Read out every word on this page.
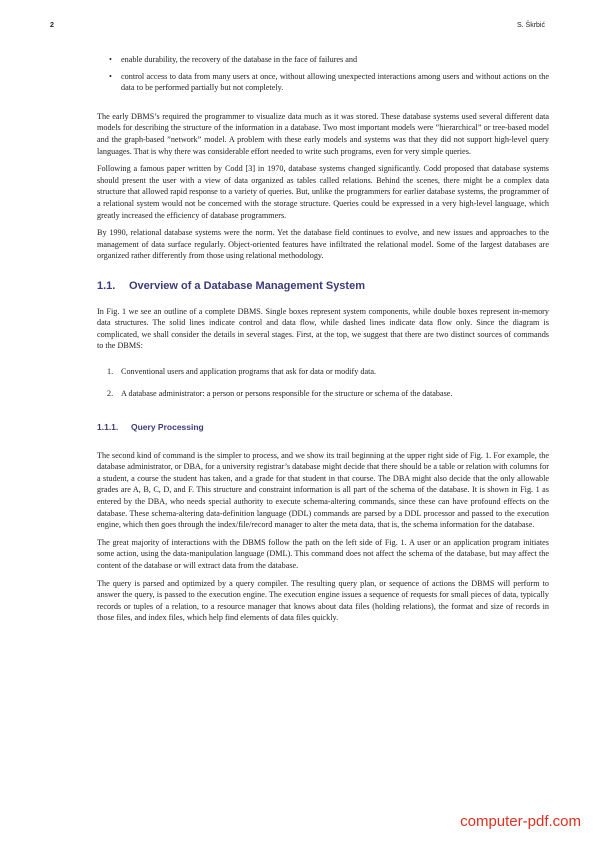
2	S. Škrbić
• enable durability, the recovery of the database in the face of failures and
• control access to data from many users at once, without allowing unexpected interactions among users and without actions on the data to be performed partially but not completely.

The early DBMS’s required the programmer to visualize data much as it was stored. These database systems used several different data models for describing the structure of the information in a database. Two most important models were ”hierarchical” or tree-based model and the graph-based ”network” model. A problem with these early models and systems was that they did not support high-level query languages. That is why there was considerable effort needed to write such programs, even for very simple queries.

Following a famous paper written by Codd [3] in 1970, database systems changed significantly. Codd proposed that database systems should present the user with a view of data organized as tables called relations. Behind the scenes, there might be a complex data structure that allowed rapid response to a variety of queries. But, unlike the programmers for earlier database systems, the programmer of a relational system would not be concerned with the storage structure. Queries could be expressed in a very high-level language, which greatly increased the efficiency of database programmers.

By 1990, relational database systems were the norm. Yet the database field continues to evolve, and new issues and approaches to the management of data surface regularly. Object-oriented features have infiltrated the relational model. Some of the largest databases are organized rather differently from those using relational methodology.

1.1. Overview of a Database Management System

In Fig. 1 we see an outline of a complete DBMS. Single boxes represent system components, while double boxes represent in-memory data structures. The solid lines indicate control and data flow, while dashed lines indicate data flow only. Since the diagram is complicated, we shall consider the details in several stages. First, at the top, we suggest that there are two distinct sources of commands to the DBMS:

1. Conventional users and application programs that ask for data or modify data.
2. A database administrator: a person or persons responsible for the structure or schema of the database.
1.1.1. Query Processing

The second kind of command is the simpler to process, and we show its trail beginning at the upper right side of Fig. 1. For example, the database administrator, or DBA, for a university registrar’s database might decide that there should be a table or relation with columns for a student, a course the student has taken, and a grade for that student in that course. The DBA might also decide that the only allowable grades are A, B, C, D, and F. This structure and constraint information is all part of the schema of the database. It is shown in Fig. 1 as entered by the DBA, who needs special authority to execute schema-altering commands, since these can have profound effects on the database. These schema-altering data-definition language (DDL) commands are parsed by a DDL processor and passed to the execution engine, which then goes through the index/file/record manager to alter the meta data, that is, the schema information for the database.

The great majority of interactions with the DBMS follow the path on the left side of Fig. 1. A user or an application program initiates some action, using the data-manipulation language (DML). This command does not affect the schema of the database, but may affect the content of the database or will extract data from the database.

The query is parsed and optimized by a query compiler. The resulting query plan, or sequence of actions the DBMS will perform to answer the query, is passed to the execution engine. The execution engine issues a sequence of requests for small pieces of data, typically records or tuples of a relation, to a resource manager that knows about data files (holding relations), the format and size of records in those files, and index files, which help find elements of data files quickly.

computer-pdf.com
